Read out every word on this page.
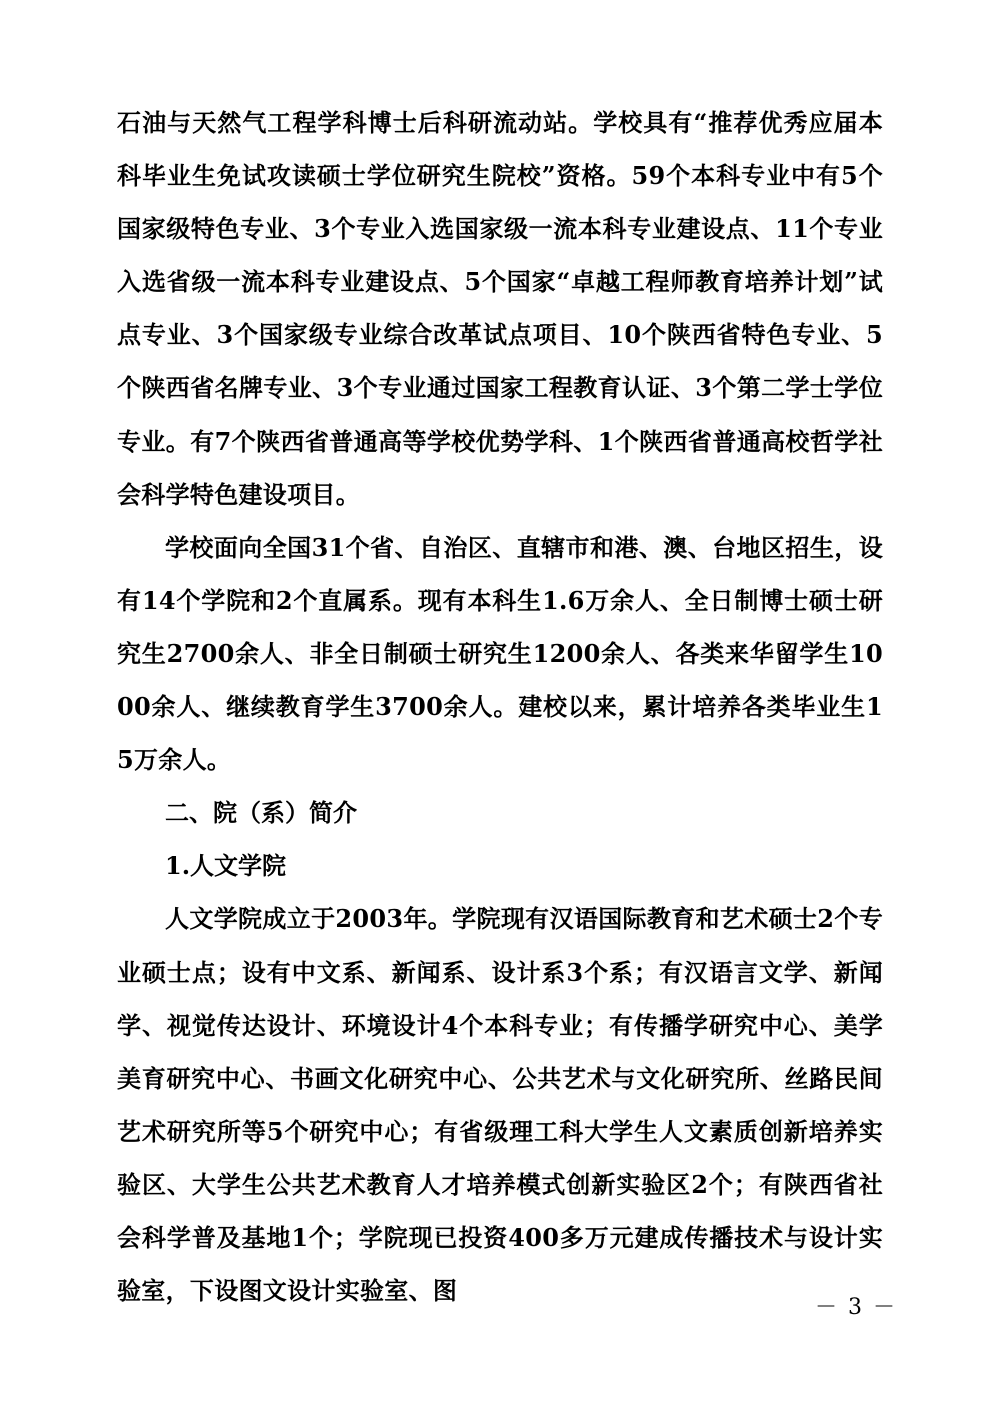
石油与天然气工程学科博士后科研流动站。学校具有“推荐优秀应届本科毕业生免试攻读硕士学位研究生院校”资格。59个本科专业中有5个国家级特色专业、3个专业入选国家级一流本科专业建设点、11个专业入选省级一流本科专业建设点、5个国家“卓越工程师教育培养计划”试点专业、3个国家级专业综合改革试点项目、10个陕西省特色专业、5个陕西省名牌专业、3个专业通过国家工程教育认证、3个第二学士学位专业。有7个陕西省普通高等学校优势学科、1个陕西省普通高校哲学社会科学特色建设项目。

学校面向全国31个省、自治区、直辖市和港、澳、台地区招生，设有14个学院和2个直属系。现有本科生1.6万余人、全日制博士硕士研究生2700余人、非全日制硕士研究生1200余人、各类来华留学生1000余人、继续教育学生3700余人。建校以来，累计培养各类毕业生15万余人。

二、院（系）简介

1.人文学院

人文学院成立于2003年。学院现有汉语国际教育和艺术硕士2个专业硕士点；设有中文系、新闻系、设计系3个系；有汉语言文学、新闻学、视觉传达设计、环境设计4个本科专业；有传播学研究中心、美学美育研究中心、书画文化研究中心、公共艺术与文化研究所、丝路民间艺术研究所等5个研究中心；有省级理工科大学生人文素质创新培养实验区、大学生公共艺术教育人才培养模式创新实验区2个；有陕西省社会科学普及基地1个；学院现已投资400多万元建成传播技术与设计实验室，下设图文设计实验室、图

－ 3 －
